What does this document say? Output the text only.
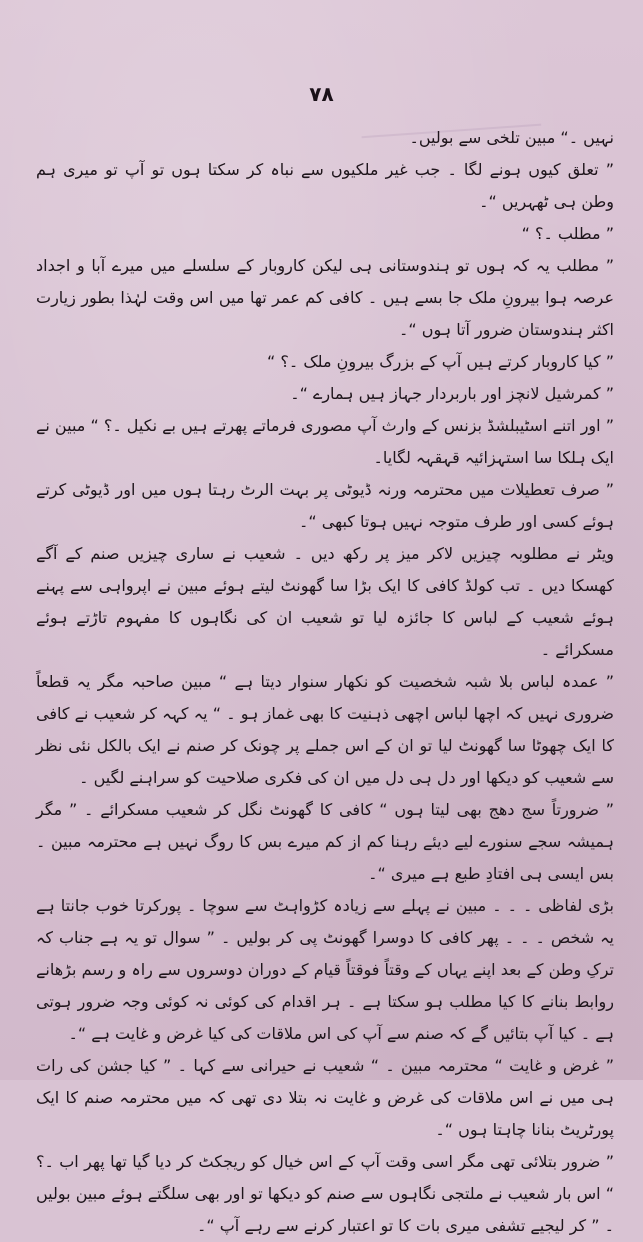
۷۸

نہیں ۔“ مبین تلخی سے بولیں۔

” تعلق کیوں ہونے لگا ۔ جب غیر ملکیوں سے نباہ کر سکتا ہوں تو آپ تو میری ہم وطن ہی ٹھہریں “۔

” مطلب ۔؟ “

” مطلب یہ کہ ہوں تو ہندوستانی ہی لیکن کاروبار کے سلسلے میں میرے آبا و اجداد عرصہ ہوا بیرونِ ملک جا بسے ہیں ۔ کافی کم عمر تھا میں اس وقت لہٰذا بطور زیارت اکثر ہندوستان ضرور آتا ہوں “۔

” کیا کاروبار کرتے ہیں آپ کے بزرگ بیرونِ ملک ۔؟ “

” کمرشیل لانچز اور باربردار جہاز ہیں ہمارے “۔

” اور اتنے اسٹیبلشڈ بزنس کے وارث آپ مصوری فرماتے پھرتے ہیں بے نکیل ۔؟ “ مبین نے ایک ہلکا سا استہزائیہ قہقہہ لگایا۔

” صرف تعطیلات میں محترمہ ورنہ ڈیوٹی پر بہت الرٹ رہتا ہوں میں اور ڈیوٹی کرتے ہوئے کسی اور طرف متوجہ نہیں ہوتا کبھی “۔

ویٹر نے مطلوبہ چیزیں لاکر میز پر رکھ دیں ۔ شعیب نے ساری چیزیں صنم کے آگے کھسکا دیں ۔ تب کولڈ کافی کا ایک بڑا سا گھونٹ لیتے ہوئے مبین نے اپرواہی سے پہنے ہوئے شعیب کے لباس کا جائزہ لیا تو شعیب ان کی نگاہوں کا مفہوم تاڑتے ہوئے مسکرائے ۔

” عمدہ لباس بلا شبہ شخصیت کو نکھار سنوار دیتا ہے “ مبین صاحبہ مگر یہ قطعاً ضروری نہیں کہ اچھا لباس اچھی ذہنیت کا بھی غماز ہو ۔ “ یہ کہہ کر شعیب نے کافی کا ایک چھوٹا سا گھونٹ لیا تو ان کے اس جملے پر چونک کر صنم نے ایک بالکل نئی نظر سے شعیب کو دیکھا اور دل ہی دل میں ان کی فکری صلاحیت کو سراہنے لگیں ۔

” ضرورتاً سج دھج بھی لیتا ہوں “ کافی کا گھونٹ نگل کر شعیب مسکرائے ۔ ” مگر ہمیشہ سجے سنورے لیے دیئے رہنا کم از کم میرے بس کا روگ نہیں ہے محترمہ مبین ۔ بس ایسی ہی افتادِ طبع ہے میری “۔

بڑی لفاظی ۔ ۔ ۔ مبین نے پہلے سے زیادہ کڑواہٹ سے سوچا ۔ پورکرتا خوب جانتا ہے یہ شخص ۔ ۔ ۔ پھر کافی کا دوسرا گھونٹ پی کر بولیں ۔ ” سوال تو یہ ہے جناب کہ ترکِ وطن کے بعد اپنے یہاں کے وقتاً فوقتاً قیام کے دوران دوسروں سے راہ و رسم بڑھانے روابط بنانے کا کیا مطلب ہو سکتا ہے ۔ ہر اقدام کی کوئی نہ کوئی وجہ ضرور ہوتی ہے ۔ کیا آپ بتائیں گے کہ صنم سے آپ کی اس ملاقات کی کیا غرض و غایت ہے “۔

” غرض و غایت “ محترمہ مبین ۔ “ شعیب نے حیرانی سے کہا ۔ ” کیا جشن کی رات ہی میں نے اس ملاقات کی غرض و غایت نہ بتلا دی تھی کہ میں محترمہ صنم کا ایک پورٹریٹ بنانا چاہتا ہوں “۔

” ضرور بتلائی تھی مگر اسی وقت آپ کے اس خیال کو ریجکٹ کر دیا گیا تھا پھر اب ۔؟ “ اس بار شعیب نے ملتجی نگاہوں سے صنم کو دیکھا تو اور بھی سلگتے ہوئے مبین بولیں ۔ ” کر لیجیے تشفی میری بات کا تو اعتبار کرنے سے رہے آپ “۔
